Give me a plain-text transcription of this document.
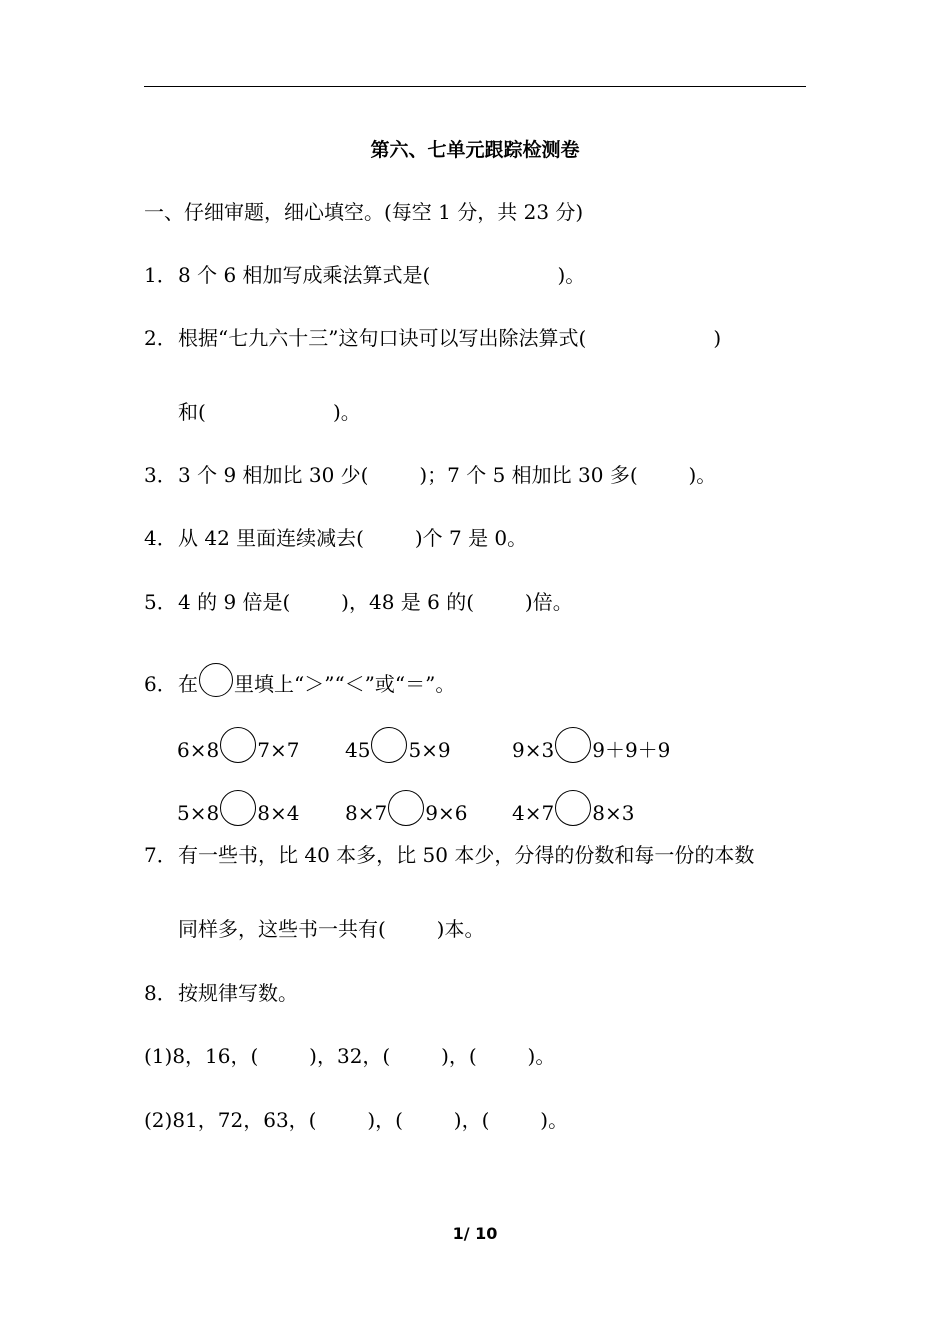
第六、七单元跟踪检测卷
一、仔细审题，细心填空。(每空 1 分，共 23 分)
1．8 个 6 相加写成乘法算式是(                    )。
2．根据“七九六十三”这句口诀可以写出除法算式(                    )
和(                    )。
3．3 个 9 相加比 30 少(        )；7 个 5 相加比 30 多(        )。
4．从 42 里面连续减去(        )个 7 是 0。
5．4 的 9 倍是(        )，48 是 6 的(        )倍。
6．在 里填上“＞”“＜”或“＝”。
6×8 7×7 45 5×9	9×3 9＋9＋9
5×8 8×4 8×7 9×6 4×7 8×3
7．有一些书，比 40 本多，比 50 本少，分得的份数和每一份的本数
同样多，这些书一共有(        )本。
8．按规律写数。
(1)8，16，(        )，32，(        )，(        )。
(2)81，72，63，(        )，(        )，(        )。
1/ 10
